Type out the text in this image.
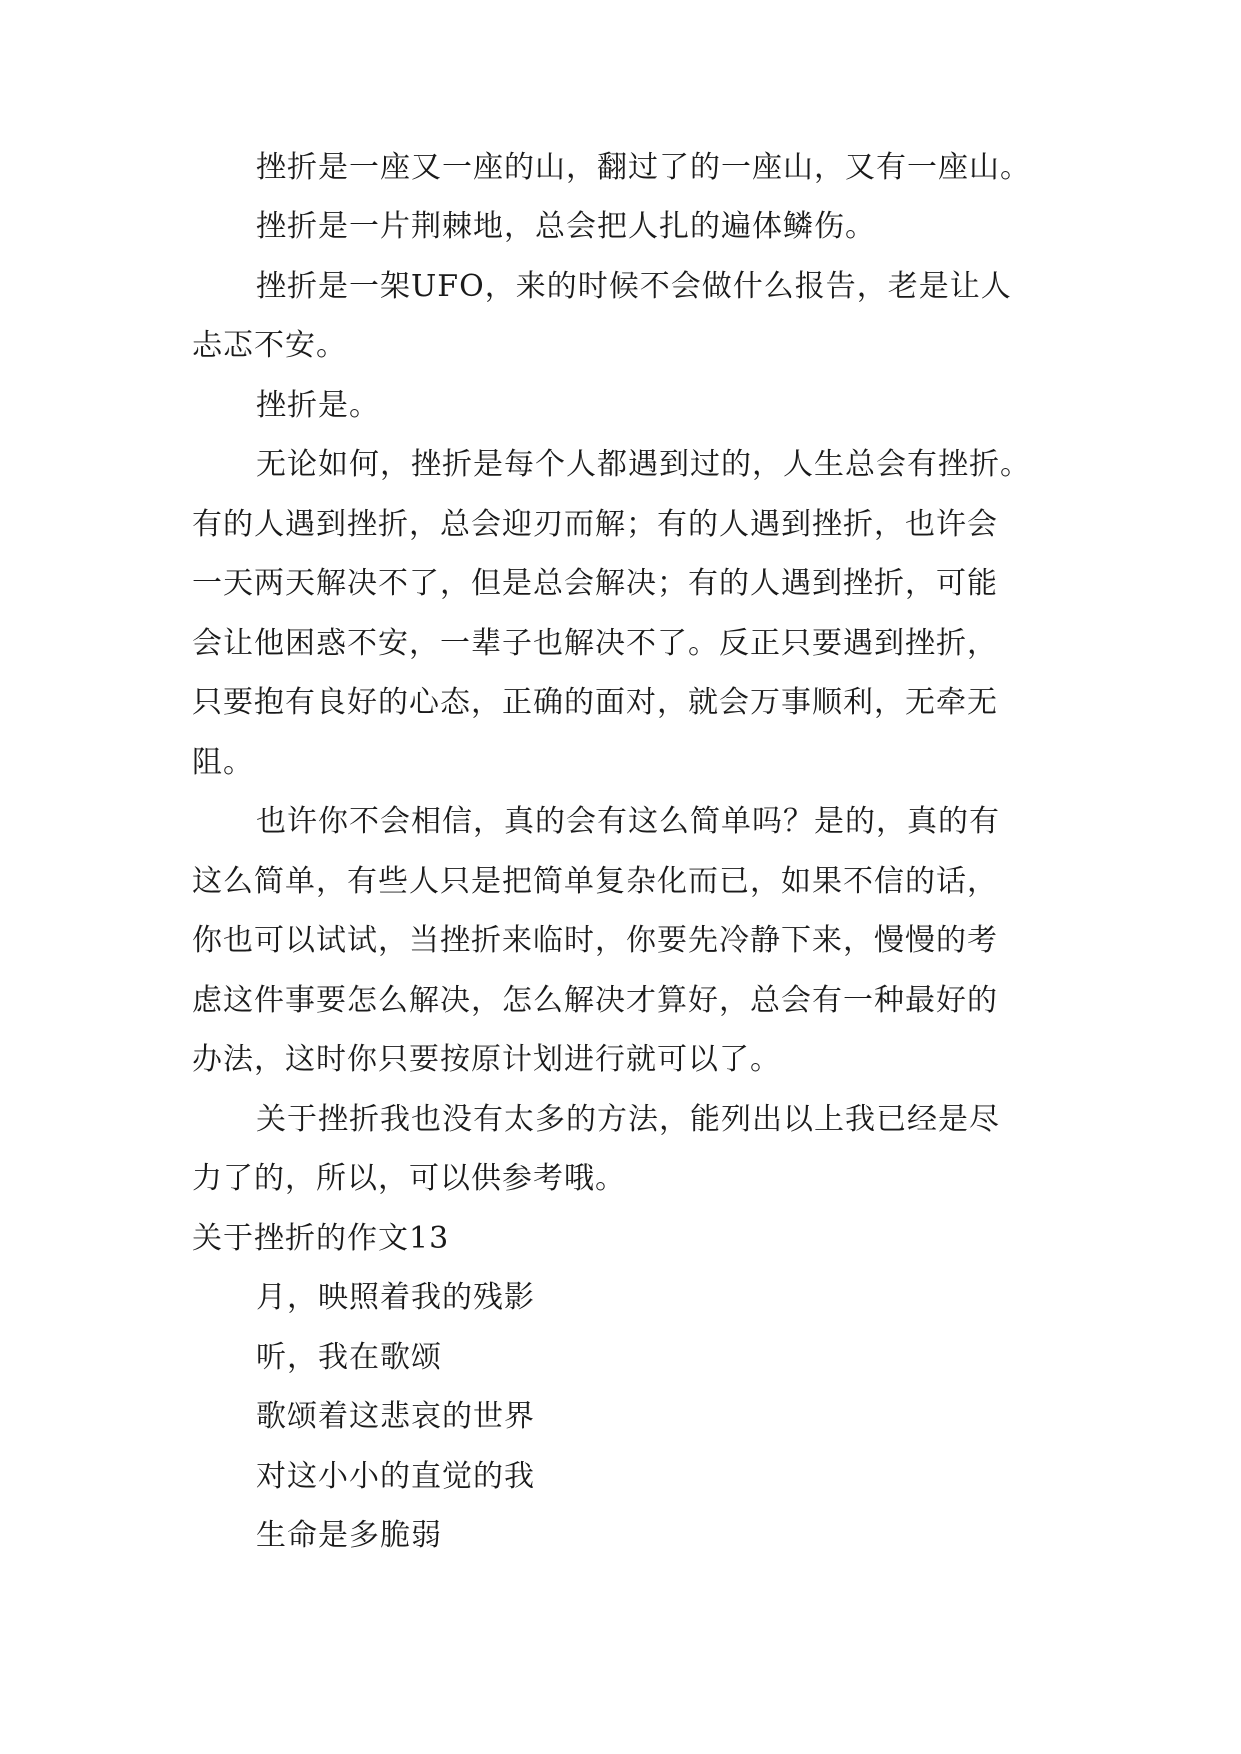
挫折是一座又一座的山，翻过了的一座山，又有一座山。
挫折是一片荆棘地，总会把人扎的遍体鳞伤。
挫折是一架UFO，来的时候不会做什么报告，老是让人
忐忑不安。
挫折是。
无论如何，挫折是每个人都遇到过的，人生总会有挫折。
有的人遇到挫折，总会迎刃而解；有的人遇到挫折，也许会
一天两天解决不了，但是总会解决；有的人遇到挫折，可能
会让他困惑不安，一辈子也解决不了。反正只要遇到挫折，
只要抱有良好的心态，正确的面对，就会万事顺利，无牵无
阻。
也许你不会相信，真的会有这么简单吗？是的，真的有
这么简单，有些人只是把简单复杂化而已，如果不信的话，
你也可以试试，当挫折来临时，你要先冷静下来，慢慢的考
虑这件事要怎么解决，怎么解决才算好，总会有一种最好的
办法，这时你只要按原计划进行就可以了。
关于挫折我也没有太多的方法，能列出以上我已经是尽
力了的，所以，可以供参考哦。
关于挫折的作文13
月，映照着我的残影
听，我在歌颂
歌颂着这悲哀的世界
对这小小的直觉的我
生命是多脆弱
